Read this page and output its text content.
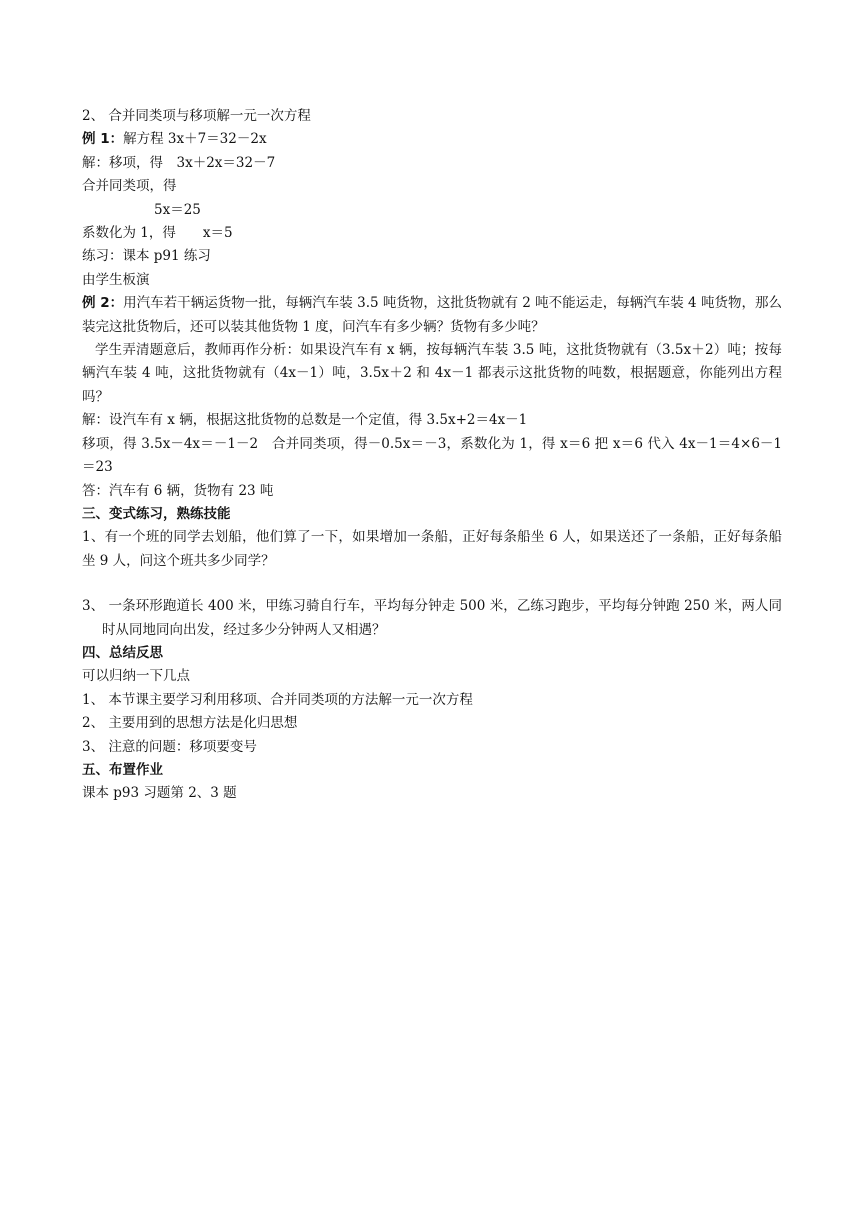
2、 合并同类项与移项解一元一次方程
例 1：解方程 3x＋7＝32－2x
解：移项，得　3x＋2x＝32－7
合并同类项，得
5x＝25
系数化为 1，得　　x＝5
练习：课本 p91 练习
由学生板演
例 2：用汽车若干辆运货物一批，每辆汽车装 3.5 吨货物，这批货物就有 2 吨不能运走，每辆汽车装 4 吨货物，那么装完这批货物后，还可以装其他货物 1 度，问汽车有多少辆？货物有多少吨？
学生弄清题意后，教师再作分析：如果设汽车有 x 辆，按每辆汽车装 3.5 吨，这批货物就有（3.5x＋2）吨；按每辆汽车装 4 吨，这批货物就有（4x－1）吨，3.5x＋2 和 4x－1 都表示这批货物的吨数，根据题意，你能列出方程吗？
解：设汽车有 x 辆，根据这批货物的总数是一个定值，得 3.5x+2＝4x－1
移项，得 3.5x－4x＝－1－2　合并同类项，得－0.5x＝－3，系数化为 1，得 x＝6 把 x＝6 代入 4x－1＝4×6－1＝23
答：汽车有 6 辆，货物有 23 吨
三、变式练习，熟练技能
1、有一个班的同学去划船，他们算了一下，如果增加一条船，正好每条船坐 6 人，如果送还了一条船，正好每条船坐 9 人，问这个班共多少同学？
3、 一条环形跑道长 400 米，甲练习骑自行车，平均每分钟走 500 米，乙练习跑步，平均每分钟跑 250 米，两人同时从同地同向出发，经过多少分钟两人又相遇？
四、总结反思
可以归纳一下几点
1、 本节课主要学习利用移项、合并同类项的方法解一元一次方程
2、 主要用到的思想方法是化归思想
3、 注意的问题：移项要变号
五、布置作业
课本 p93 习题第 2、3 题
